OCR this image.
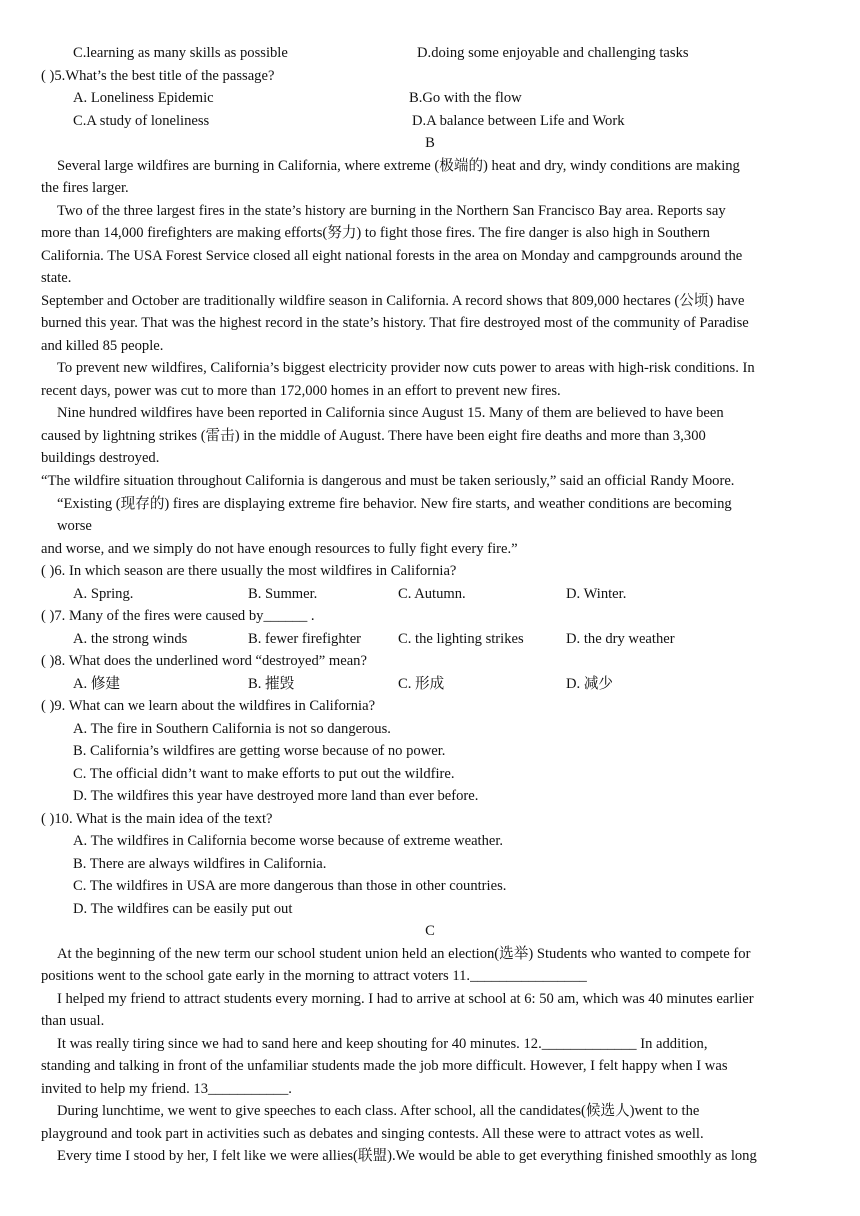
C.learning as many skills as possible	D.doing some enjoyable and challenging tasks
( )5.What’s the best title of the passage?
A. Loneliness Epidemic	B.Go with the flow
C.A study of loneliness	D.A balance between Life and Work
B
Several large wildfires are burning in California, where extreme (极端的) heat and dry, windy conditions are making
the fires larger.
Two of the three largest fires in the state’s history are burning in the Northern San Francisco Bay area. Reports say
more than 14,000 firefighters are making efforts(努力) to fight those fires. The fire danger is also high in Southern
California. The USA Forest Service closed all eight national forests in the area on Monday and campgrounds around the
state.
September and October are traditionally wildfire season in California. A record shows that 809,000 hectares (公顷) have
burned this year. That was the highest record in the state’s history. That fire destroyed most of the community of Paradise
and killed 85 people.
To prevent new wildfires, California’s biggest electricity provider now cuts power to areas with high-risk conditions. In
recent days, power was cut to more than 172,000 homes in an effort to prevent new fires.
Nine hundred wildfires have been reported in California since August 15. Many of them are believed to have been
caused by lightning strikes (雷击) in the middle of August. There have been eight fire deaths and more than 3,300
buildings destroyed.
“The wildfire situation throughout California is dangerous and must be taken seriously,” said an official Randy Moore.
“Existing (现存的) fires are displaying extreme fire behavior. New fire starts, and weather conditions are becoming
worse
and worse, and we simply do not have enough resources to fully fight every fire.”
( )6. In which season are there usually the most wildfires in California?
A. Spring.	B. Summer.	C. Autumn.	D. Winter.
( )7. Many of the fires were caused by______ .
A. the strong winds	B. fewer firefighter	C. the lighting strikes	D. the dry weather
( )8. What does the underlined word “destroyed” mean?
A. 修建	B. 摧毁	C. 形成	D. 减少
( )9. What can we learn about the wildfires in California?
A. The fire in Southern California is not so dangerous.
B. California’s wildfires are getting worse because of no power.
C. The official didn’t want to make efforts to put out the wildfire.
D. The wildfires this year have destroyed more land than ever before.
( )10. What is the main idea of the text?
A. The wildfires in California become worse because of extreme weather.
B. There are always wildfires in California.
C. The wildfires in USA are more dangerous than those in other countries.
D. The wildfires can be easily put out
C
At the beginning of the new term our school student union held an election(选举) Students who wanted to compete for
positions went to the school gate early in the morning to attract voters 11.________________
I helped my friend to attract students every morning. I had to arrive at school at 6: 50 am, which was 40 minutes earlier
than usual.
It was really tiring since we had to sand here and keep shouting for 40 minutes. 12._____________ In addition,
standing and talking in front of the unfamiliar students made the job more difficult. However, I felt happy when I was
invited to help my friend. 13___________.
During lunchtime, we went to give speeches to each class. After school, all the candidates(候选人)went to the
playground and took part in activities such as debates and singing contests. All these were to attract votes as well.
Every time I stood by her, I felt like we were allies(联盟).We would be able to get everything finished smoothly as long
